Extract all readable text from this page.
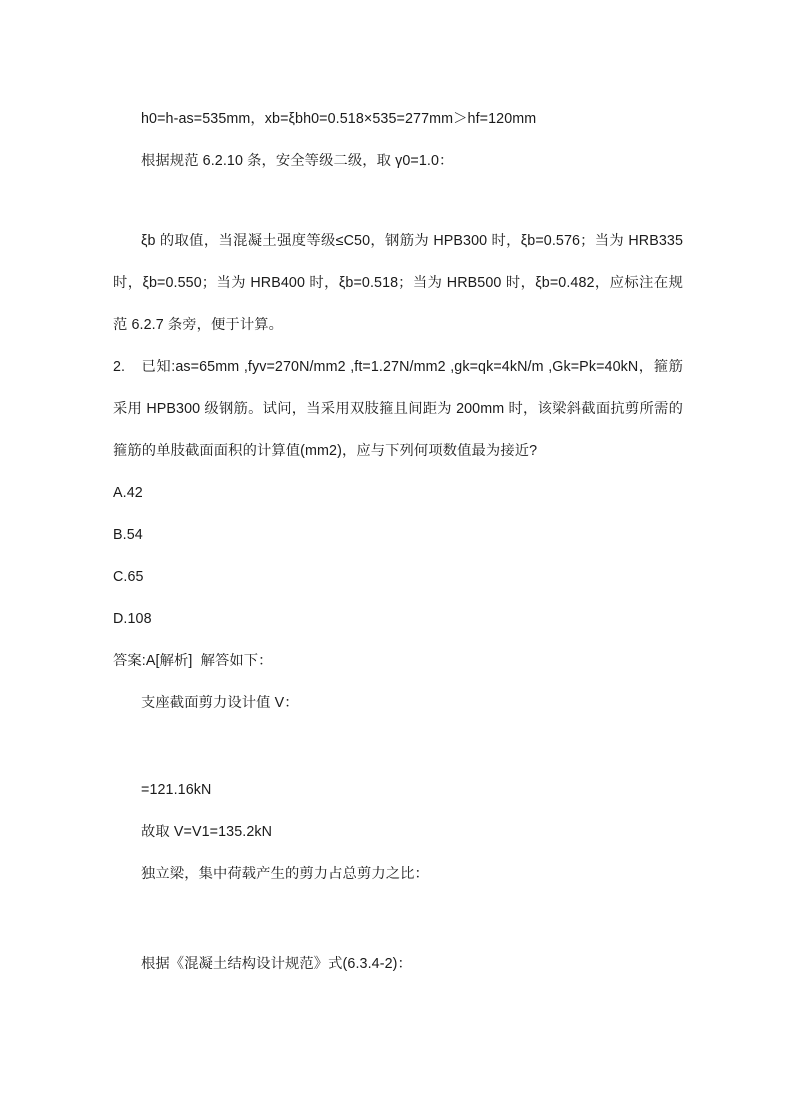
h0=h-as=535mm，xb=ξbh0=0.518×535=277mm＞hf=120mm
根据规范 6.2.10 条，安全等级二级，取 γ0=1.0：
ξb 的取值，当混凝土强度等级≤C50，钢筋为 HPB300 时，ξb=0.576；当为 HRB335 时，ξb=0.550；当为 HRB400 时，ξb=0.518；当为 HRB500 时，ξb=0.482，应标注在规范 6.2.7 条旁，便于计算。
2. 已知:as=65mm ,fyv=270N/mm2 ,ft=1.27N/mm2 ,gk=qk=4kN/m ,Gk=Pk=40kN，箍筋采用 HPB300 级钢筋。试问，当采用双肢箍且间距为 200mm 时，该梁斜截面抗剪所需的箍筋的单肢截面面积的计算值(mm2)，应与下列何项数值最为接近?
A.42
B.54
C.65
D.108
答案:A[解析]  解答如下：
支座截面剪力设计值 V：
=121.16kN
故取 V=V1=135.2kN
独立梁，集中荷载产生的剪力占总剪力之比：
根据《混凝土结构设计规范》式(6.3.4-2)：
